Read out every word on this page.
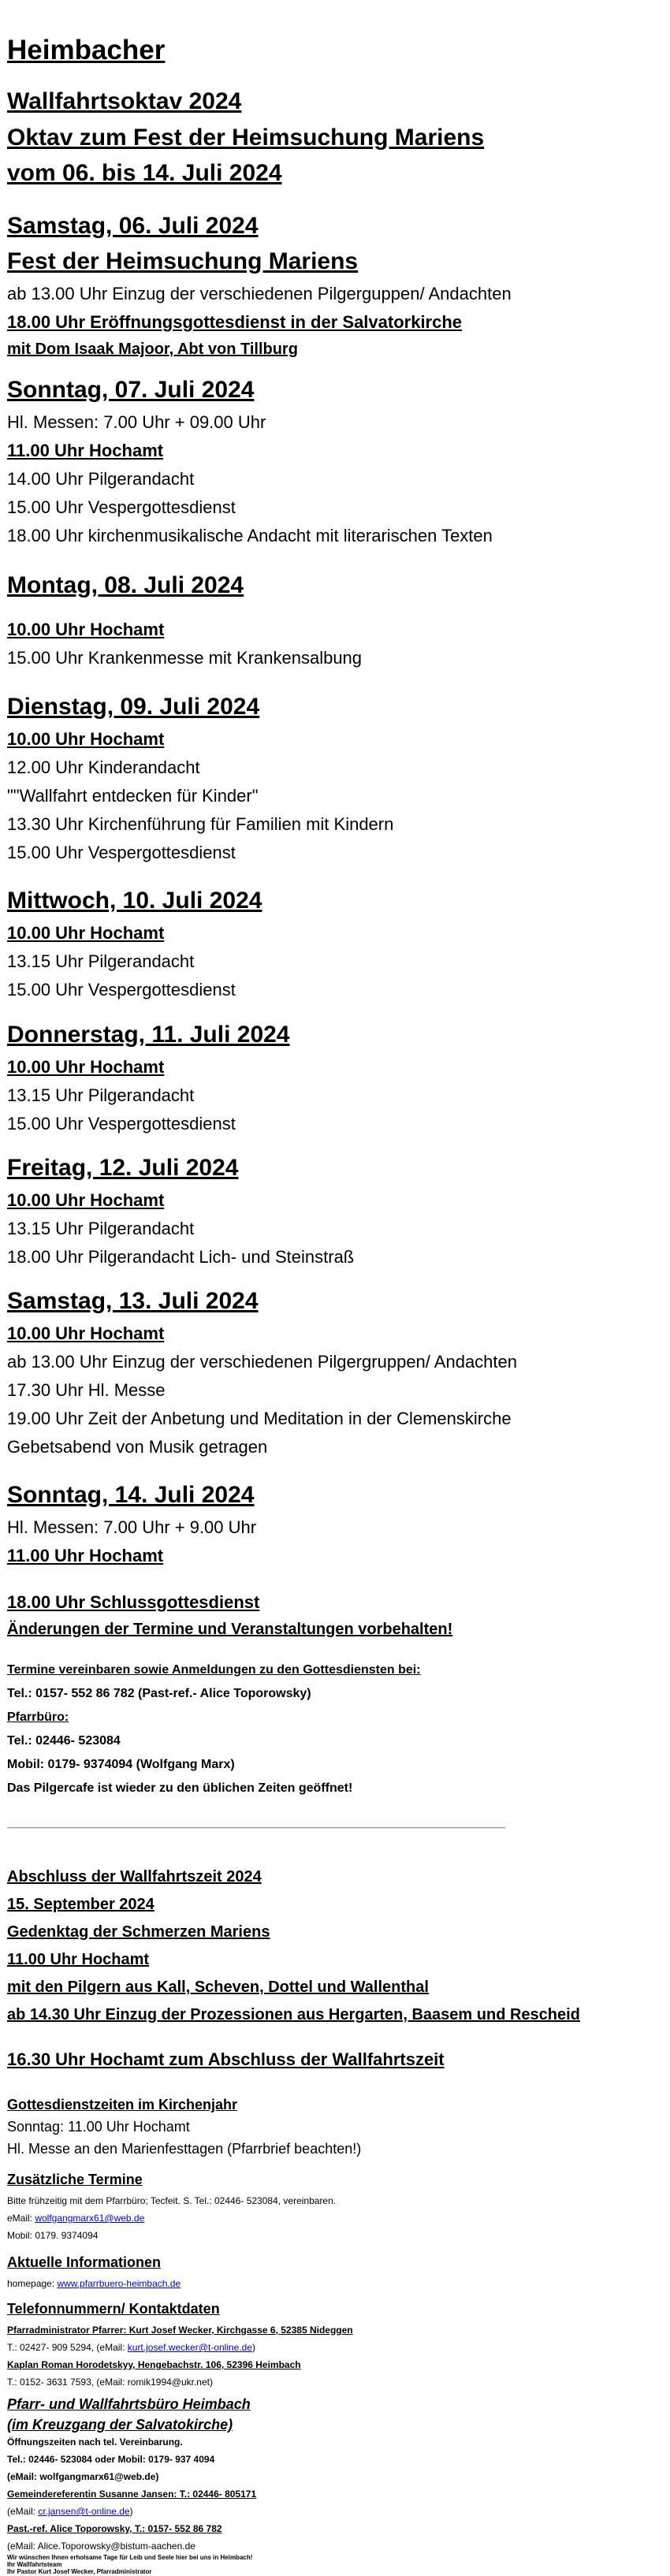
Heimbacher
Wallfahrtsoktav 2024
Oktav zum Fest der Heimsuchung Mariens
vom 06. bis 14. Juli 2024
Samstag, 06. Juli 2024
Fest der Heimsuchung Mariens
ab 13.00 Uhr Einzug der verschiedenen Pilgerguppen/ Andachten
18.00 Uhr Eröffnungsgottesdienst in der Salvatorkirche
mit Dom Isaak Majoor, Abt von Tillburg
Sonntag, 07. Juli 2024
Hl. Messen: 7.00 Uhr + 09.00 Uhr
11.00 Uhr Hochamt
14.00 Uhr Pilgerandacht
15.00 Uhr Vespergottesdienst
18.00 Uhr kirchenmusikalische Andacht mit literarischen Texten
Montag, 08. Juli 2024
10.00 Uhr Hochamt
15.00 Uhr Krankenmesse mit Krankensalbung
Dienstag, 09. Juli 2024
10.00 Uhr Hochamt
12.00 Uhr Kinderandacht
""Wallfahrt entdecken für Kinder"
13.30 Uhr Kirchenführung für Familien mit Kindern
15.00 Uhr Vespergottesdienst
Mittwoch, 10. Juli 2024
10.00 Uhr Hochamt
13.15 Uhr Pilgerandacht
15.00 Uhr Vespergottesdienst
Donnerstag, 11. Juli 2024
10.00 Uhr Hochamt
13.15 Uhr Pilgerandacht
15.00 Uhr Vespergottesdienst
Freitag, 12. Juli 2024
10.00 Uhr Hochamt
13.15 Uhr Pilgerandacht
18.00 Uhr Pilgerandacht Lich- und Steinstraß
Samstag, 13. Juli 2024
10.00 Uhr Hochamt
ab 13.00 Uhr Einzug der verschiedenen Pilgergruppen/ Andachten
17.30 Uhr Hl. Messe
19.00 Uhr Zeit der Anbetung und Meditation in der Clemenskirche
Gebetsabend von Musik getragen
Sonntag, 14. Juli 2024
Hl. Messen: 7.00 Uhr + 9.00 Uhr
11.00 Uhr Hochamt
18.00 Uhr Schlussgottesdienst
Änderungen der Termine und Veranstaltungen vorbehalten!
Termine vereinbaren sowie Anmeldungen zu den Gottesdiensten bei:
Tel.: 0157- 552 86 782 (Past-ref.- Alice Toporowsky)
Pfarrbüro:
Tel.: 02446- 523084
Mobil: 0179- 9374094 (Wolfgang Marx)
Das Pilgercafe ist wieder zu den üblichen Zeiten geöffnet!
Abschluss der Wallfahrtszeit 2024
15. September 2024
Gedenktag der Schmerzen Mariens
11.00 Uhr Hochamt
mit den Pilgern aus Kall, Scheven, Dottel und Wallenthal
ab 14.30 Uhr Einzug der Prozessionen aus Hergarten, Baasem und Rescheid
16.30 Uhr Hochamt zum Abschluss der Wallfahrtszeit
Gottesdienstzeiten im Kirchenjahr
Sonntag: 11.00 Uhr Hochamt
Hl. Messe an den Marienfesttagen (Pfarrbrief beachten!)
Zusätzliche Termine
Bitte frühzeitig mit dem Pfarrbüro; Tecfeit. S. Tel.: 02446- 523084, vereinbaren.
eMail: wolfgangmarx61@web.de
Mobil: 0179. 9374094
Aktuelle Informationen
homepage: www.pfarrbuero-heimbach.de
Telefonnummern/ Kontaktdaten
Pfarradministrator Pfarrer: Kurt Josef Wecker, Kirchgasse 6, 52385 Nideggen
T.: 02427- 909 5294, (eMail: kurt.josef.wecker@t-online.de)
Kaplan Roman Horodetskyy, Hengebachstr. 106, 52396 Heimbach
T.: 0152- 3631 7593, (eMail: romik1994@ukr.net)
Pfarr- und Wallfahrtsbüro Heimbach
(im Kreuzgang der Salvatokirche)
Öffnungszeiten nach tel. Vereinbarung.
Tel.: 02446- 523084 oder Mobil: 0179- 937 4094
(eMail: wolfgangmarx61@web.de)
Gemeindereferentin Susanne Jansen: T.: 02446- 805171
(eMail: cr.jansen@t-online.de)
Past.-ref. Alice Toporowsky, T.: 0157- 552 86 782
(eMail: Alice.Toporowsky@bistum-aachen.de
Wir wünschen Ihnen erholsame Tage für Leib und Seele hier bei uns in Heimbach!
Ihr Wallfahrtsteam
Ihr Pastor Kurt Josef Wecker, Pfarradministrator
